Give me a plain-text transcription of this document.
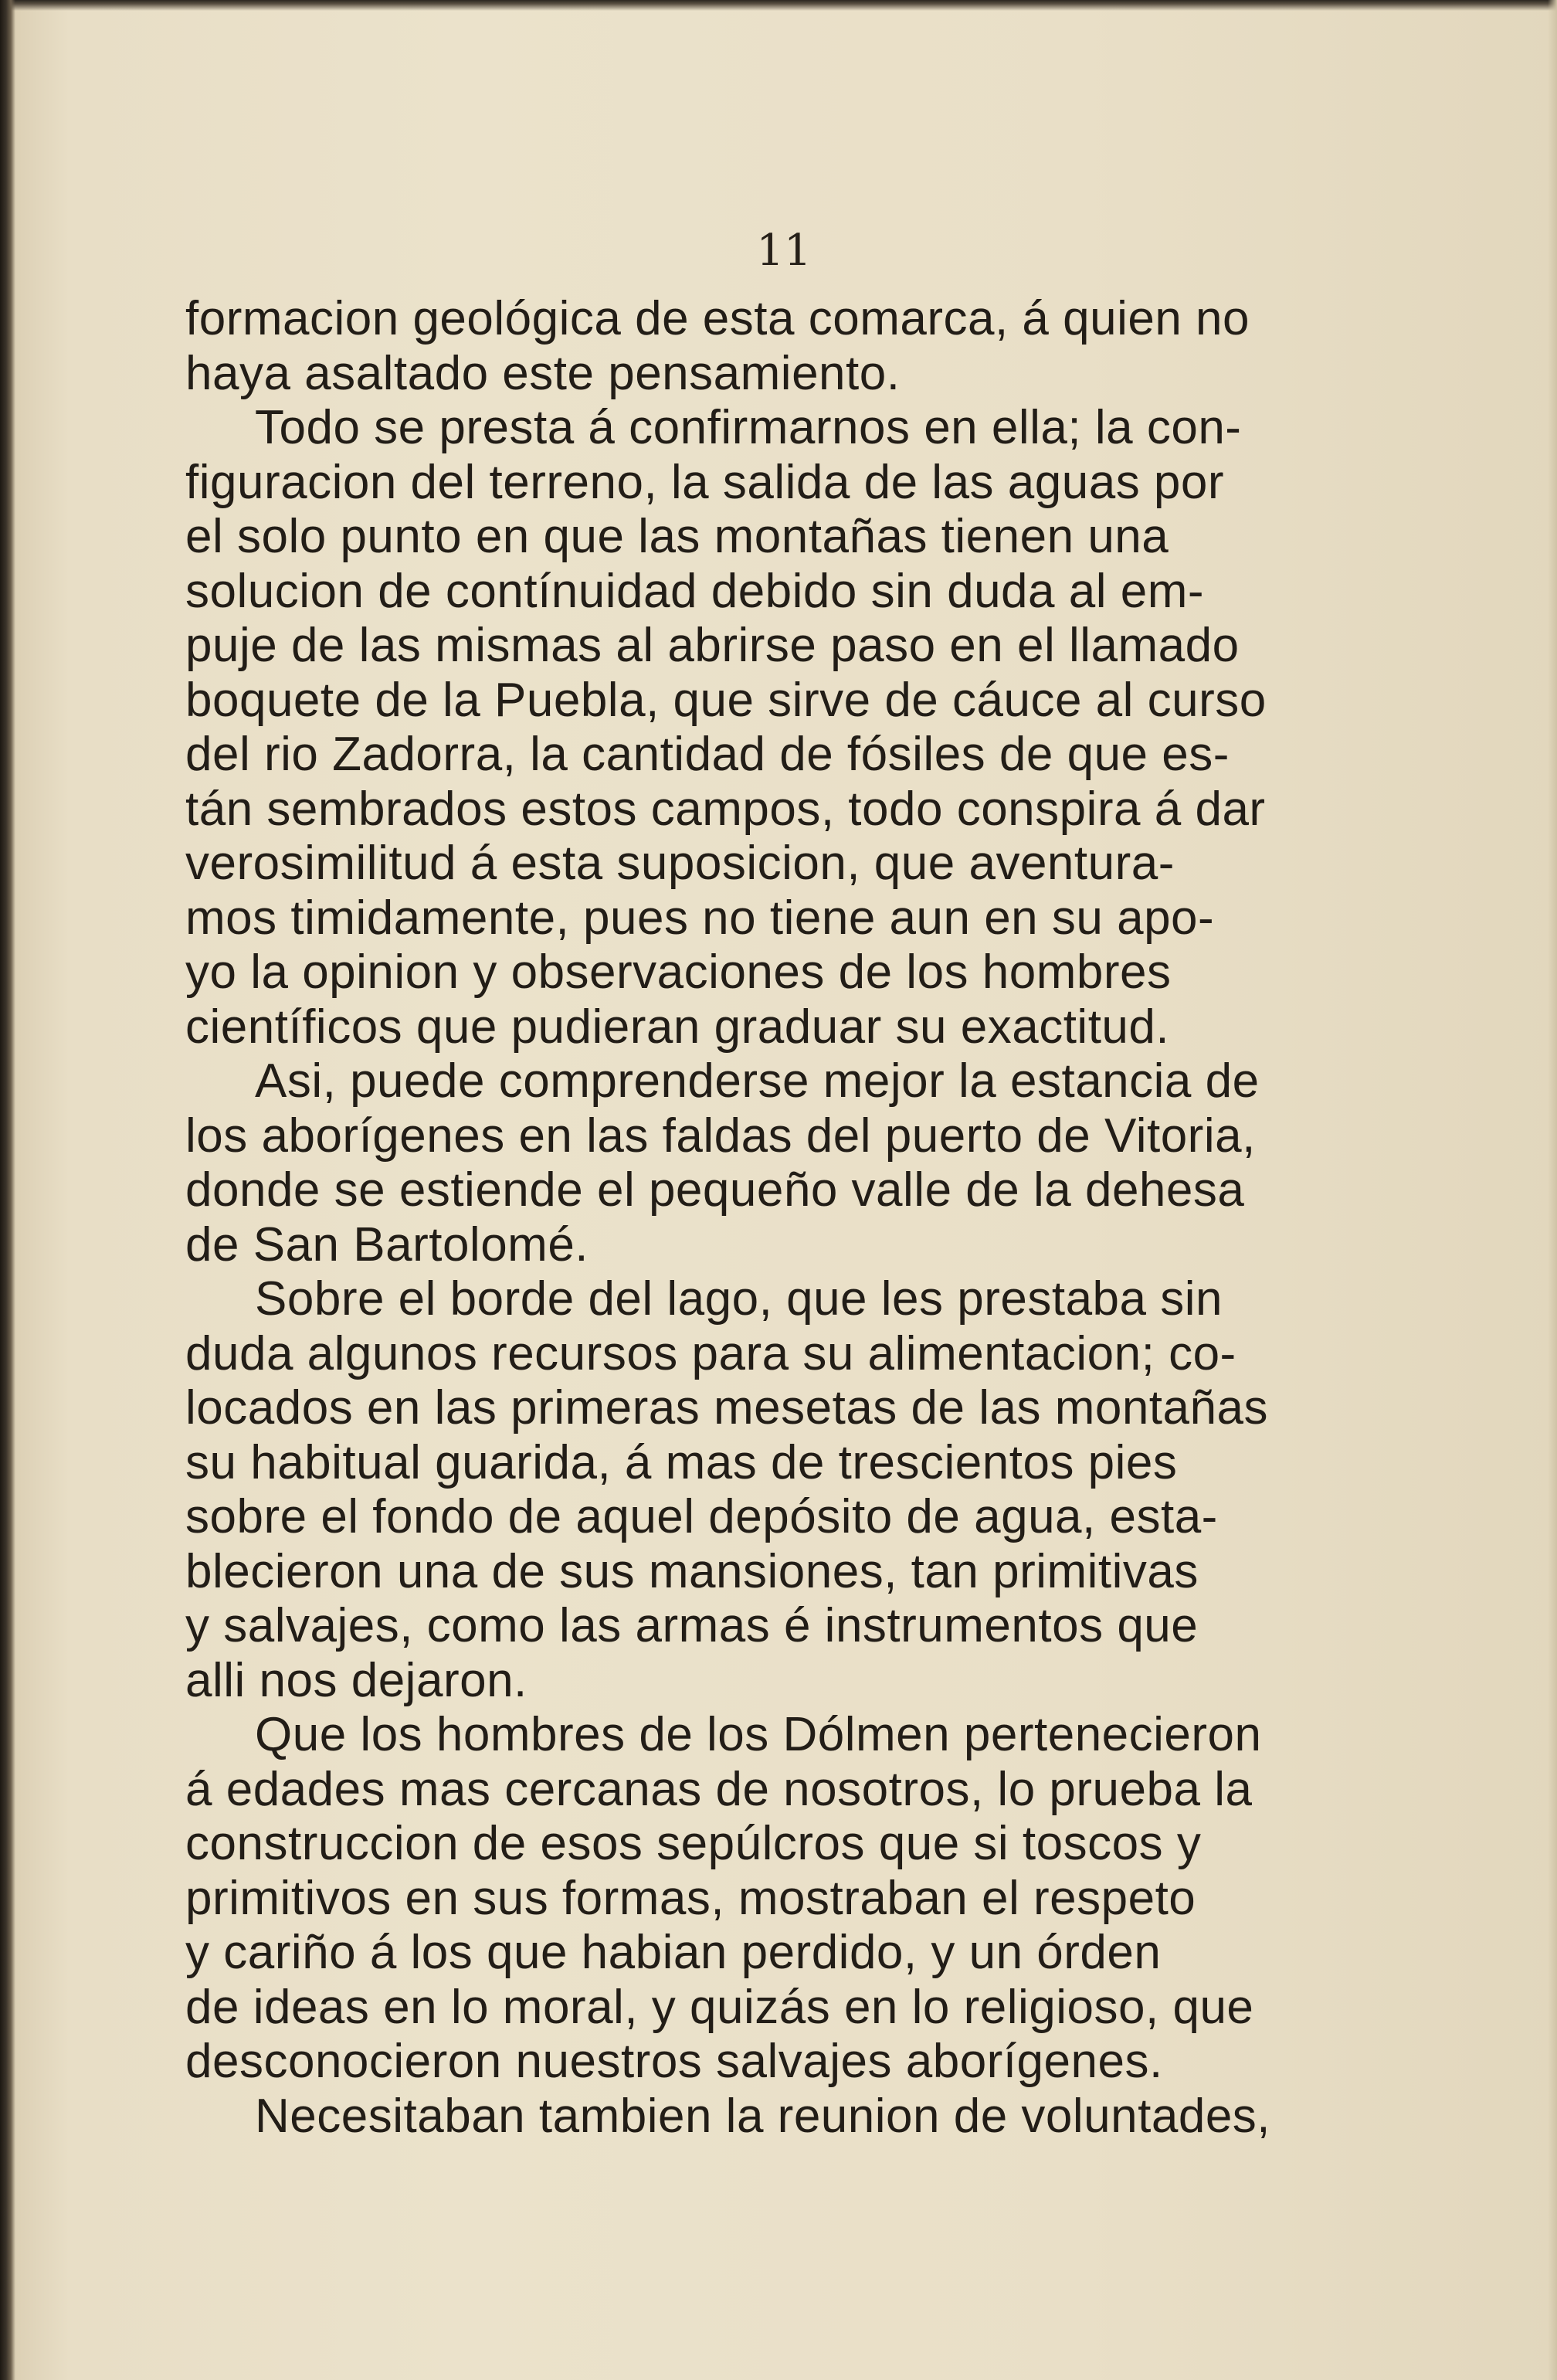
11
formacion geológica de esta comarca, á quien no
haya asaltado este pensamiento.
Todo se presta á confirmarnos en ella; la con-
figuracion del terreno, la salida de las aguas por
el solo punto en que las montañas tienen una
solucion de contínuidad debido sin duda al em-
puje de las mismas al abrirse paso en el llamado
boquete de la Puebla, que sirve de cáuce al curso
del rio Zadorra, la cantidad de fósiles de que es-
tán sembrados estos campos, todo conspira á dar
verosimilitud á esta suposicion, que aventura-
mos timidamente, pues no tiene aun en su apo-
yo la opinion y observaciones de los hombres
científicos que pudieran graduar su exactitud.
Asi, puede comprenderse mejor la estancia de
los aborígenes en las faldas del puerto de Vitoria,
donde se estiende el pequeño valle de la dehesa
de San Bartolomé.
Sobre el borde del lago, que les prestaba sin
duda algunos recursos para su alimentacion; co-
locados en las primeras mesetas de las montañas
su habitual guarida, á mas de trescientos pies
sobre el fondo de aquel depósito de agua, esta-
blecieron una de sus mansiones, tan primitivas
y salvajes, como las armas é instrumentos que
alli nos dejaron.
Que los hombres de los Dólmen pertenecieron
á edades mas cercanas de nosotros, lo prueba la
construccion de esos sepúlcros que si toscos y
primitivos en sus formas, mostraban el respeto
y cariño á los que habian perdido, y un órden
de ideas en lo moral, y quizás en lo religioso, que
desconocieron nuestros salvajes aborígenes.
Necesitaban tambien la reunion de voluntades,
